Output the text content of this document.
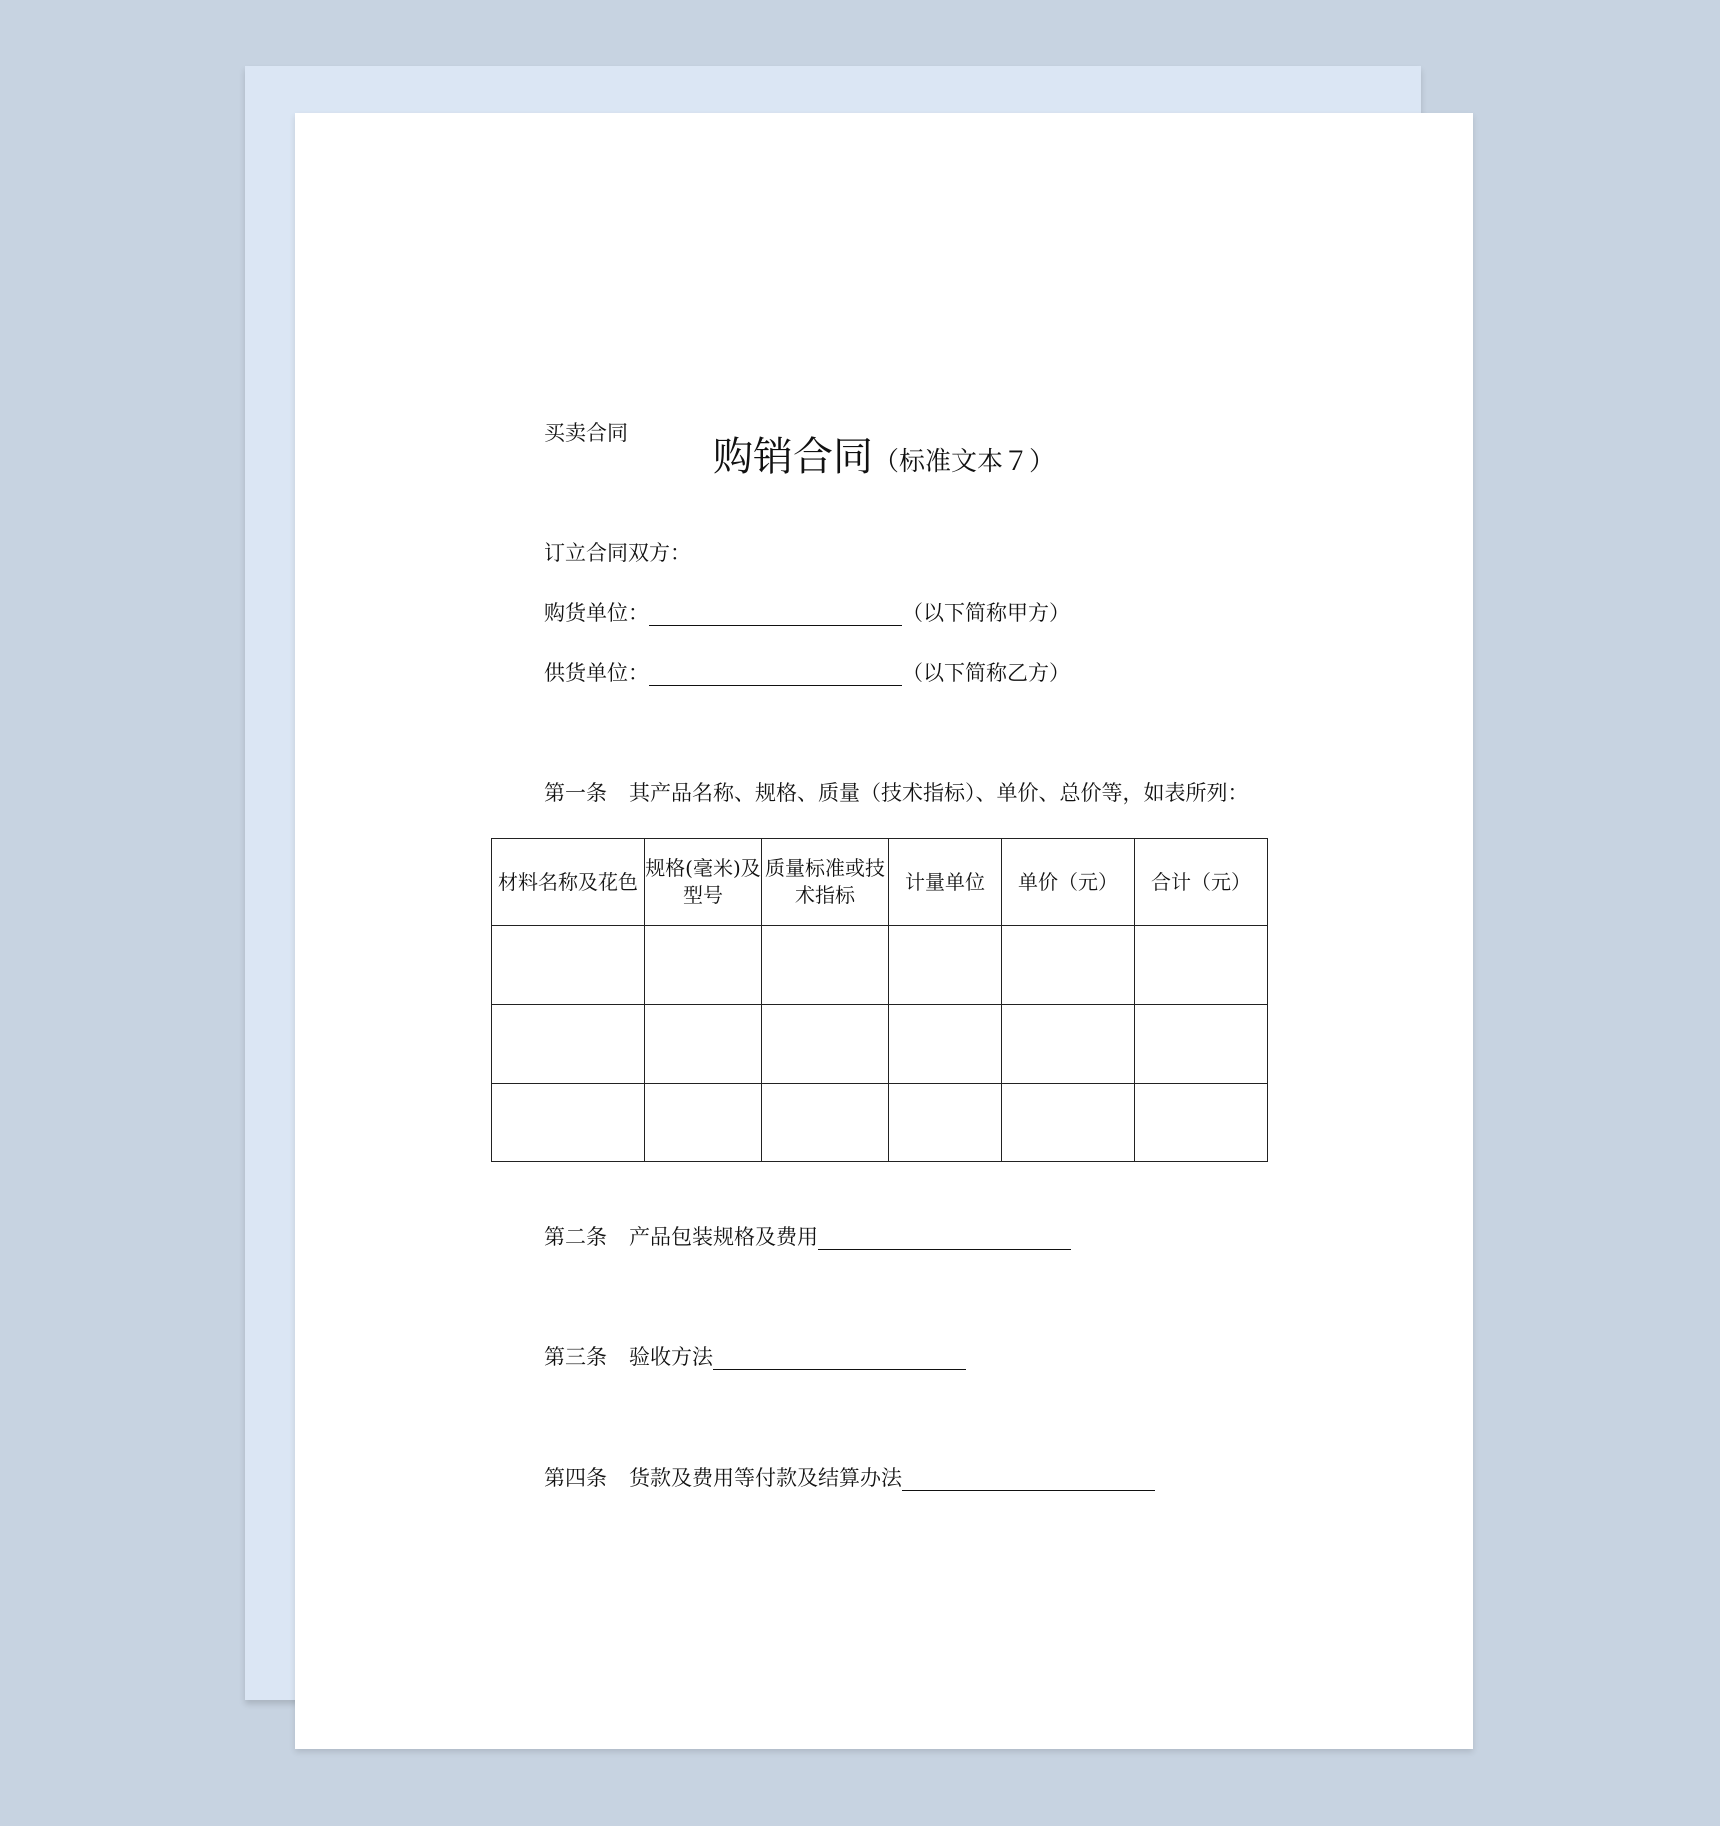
购销合同（标准文本７）
买卖合同
订立合同双方：
购货单位：	（以下简称甲方）
供货单位：	（以下简称乙方）
第一条 其产品名称、规格、质量（技术指标）、单价、总价等，如表所列：
材料名称及花色	规格(毫米)及型号	质量标准或技术指标	计量单位	单价（元）	合计（元）

第二条 产品包装规格及费用
第三条 验收方法
第四条 货款及费用等付款及结算办法
